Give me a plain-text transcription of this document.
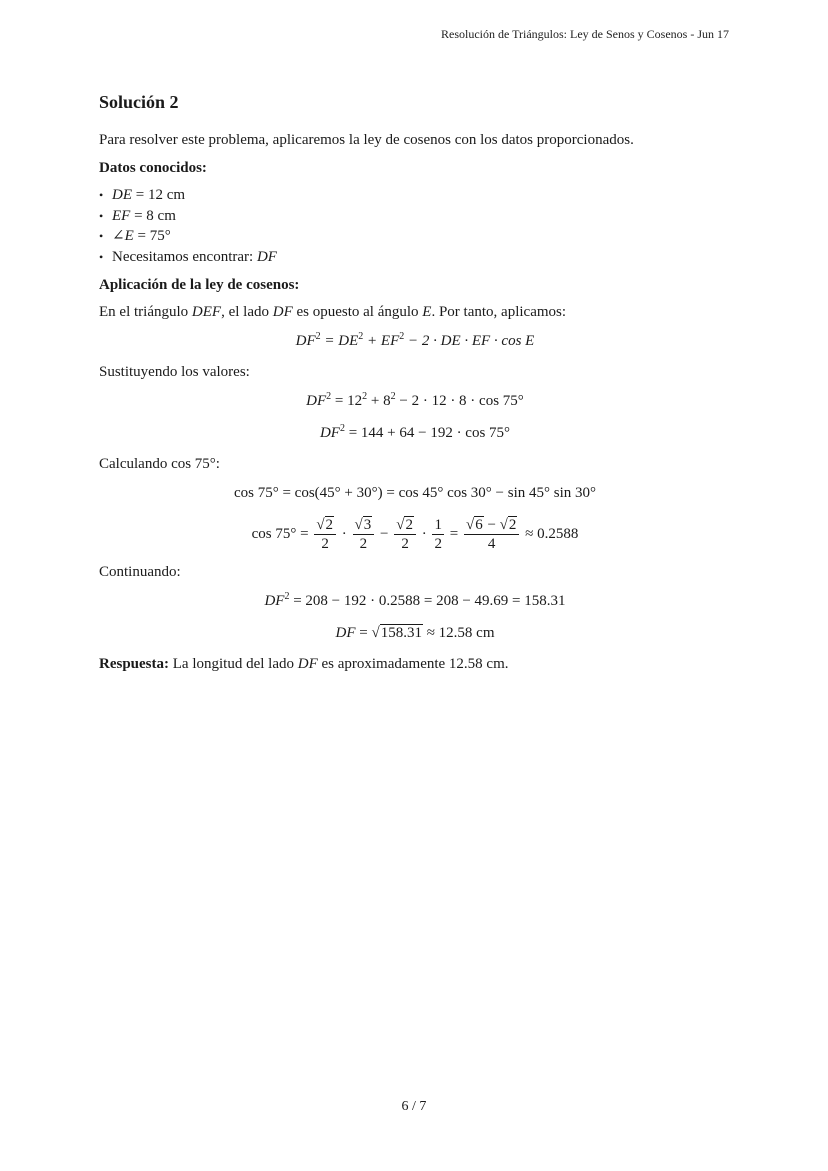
Resolución de Triángulos: Ley de Senos y Cosenos - Jun 17
Solución 2

Para resolver este problema, aplicaremos la ley de cosenos con los datos proporcionados.

Datos conocidos:
• DE = 12 cm
• EF = 8 cm
• ∠E = 75°
• Necesitamos encontrar: DF
Aplicación de la ley de cosenos:

En el triángulo DEF, el lado DF es opuesto al ángulo E. Por tanto, aplicamos:

$DF^2 = DE^2 + EF^2 - 2$ · DE · EF · cos E

Sustituyendo los valores:

$DF^2 = 12^2 + 8^2 - 2 \cdot 12 \cdot 8 \cdot \cos 75^\circ$
$DF^2 = 144 + 64 - 192 \cdot \cos 75^\circ$

Calculando cos 75°:

cos 75° = cos(45° + 30°) = cos 45° cos 30° − sin 45° sin 30°
$\cos 75^\circ = \frac{√2}{2} \cdot \frac{√3}{2} - \frac{√2}{2} \cdot \frac{1}{2} = \frac{√6 - √2}{4} \approx 0.2588$

Continuando:

$DF^2 = 208 - 192 \cdot 0.2588 = 208 - 49.69 = 158.31$
DF = √158.31 ≈ 12.58 cm

Respuesta: La longitud del lado DF es aproximadamente 12.58 cm.

6 / 7
